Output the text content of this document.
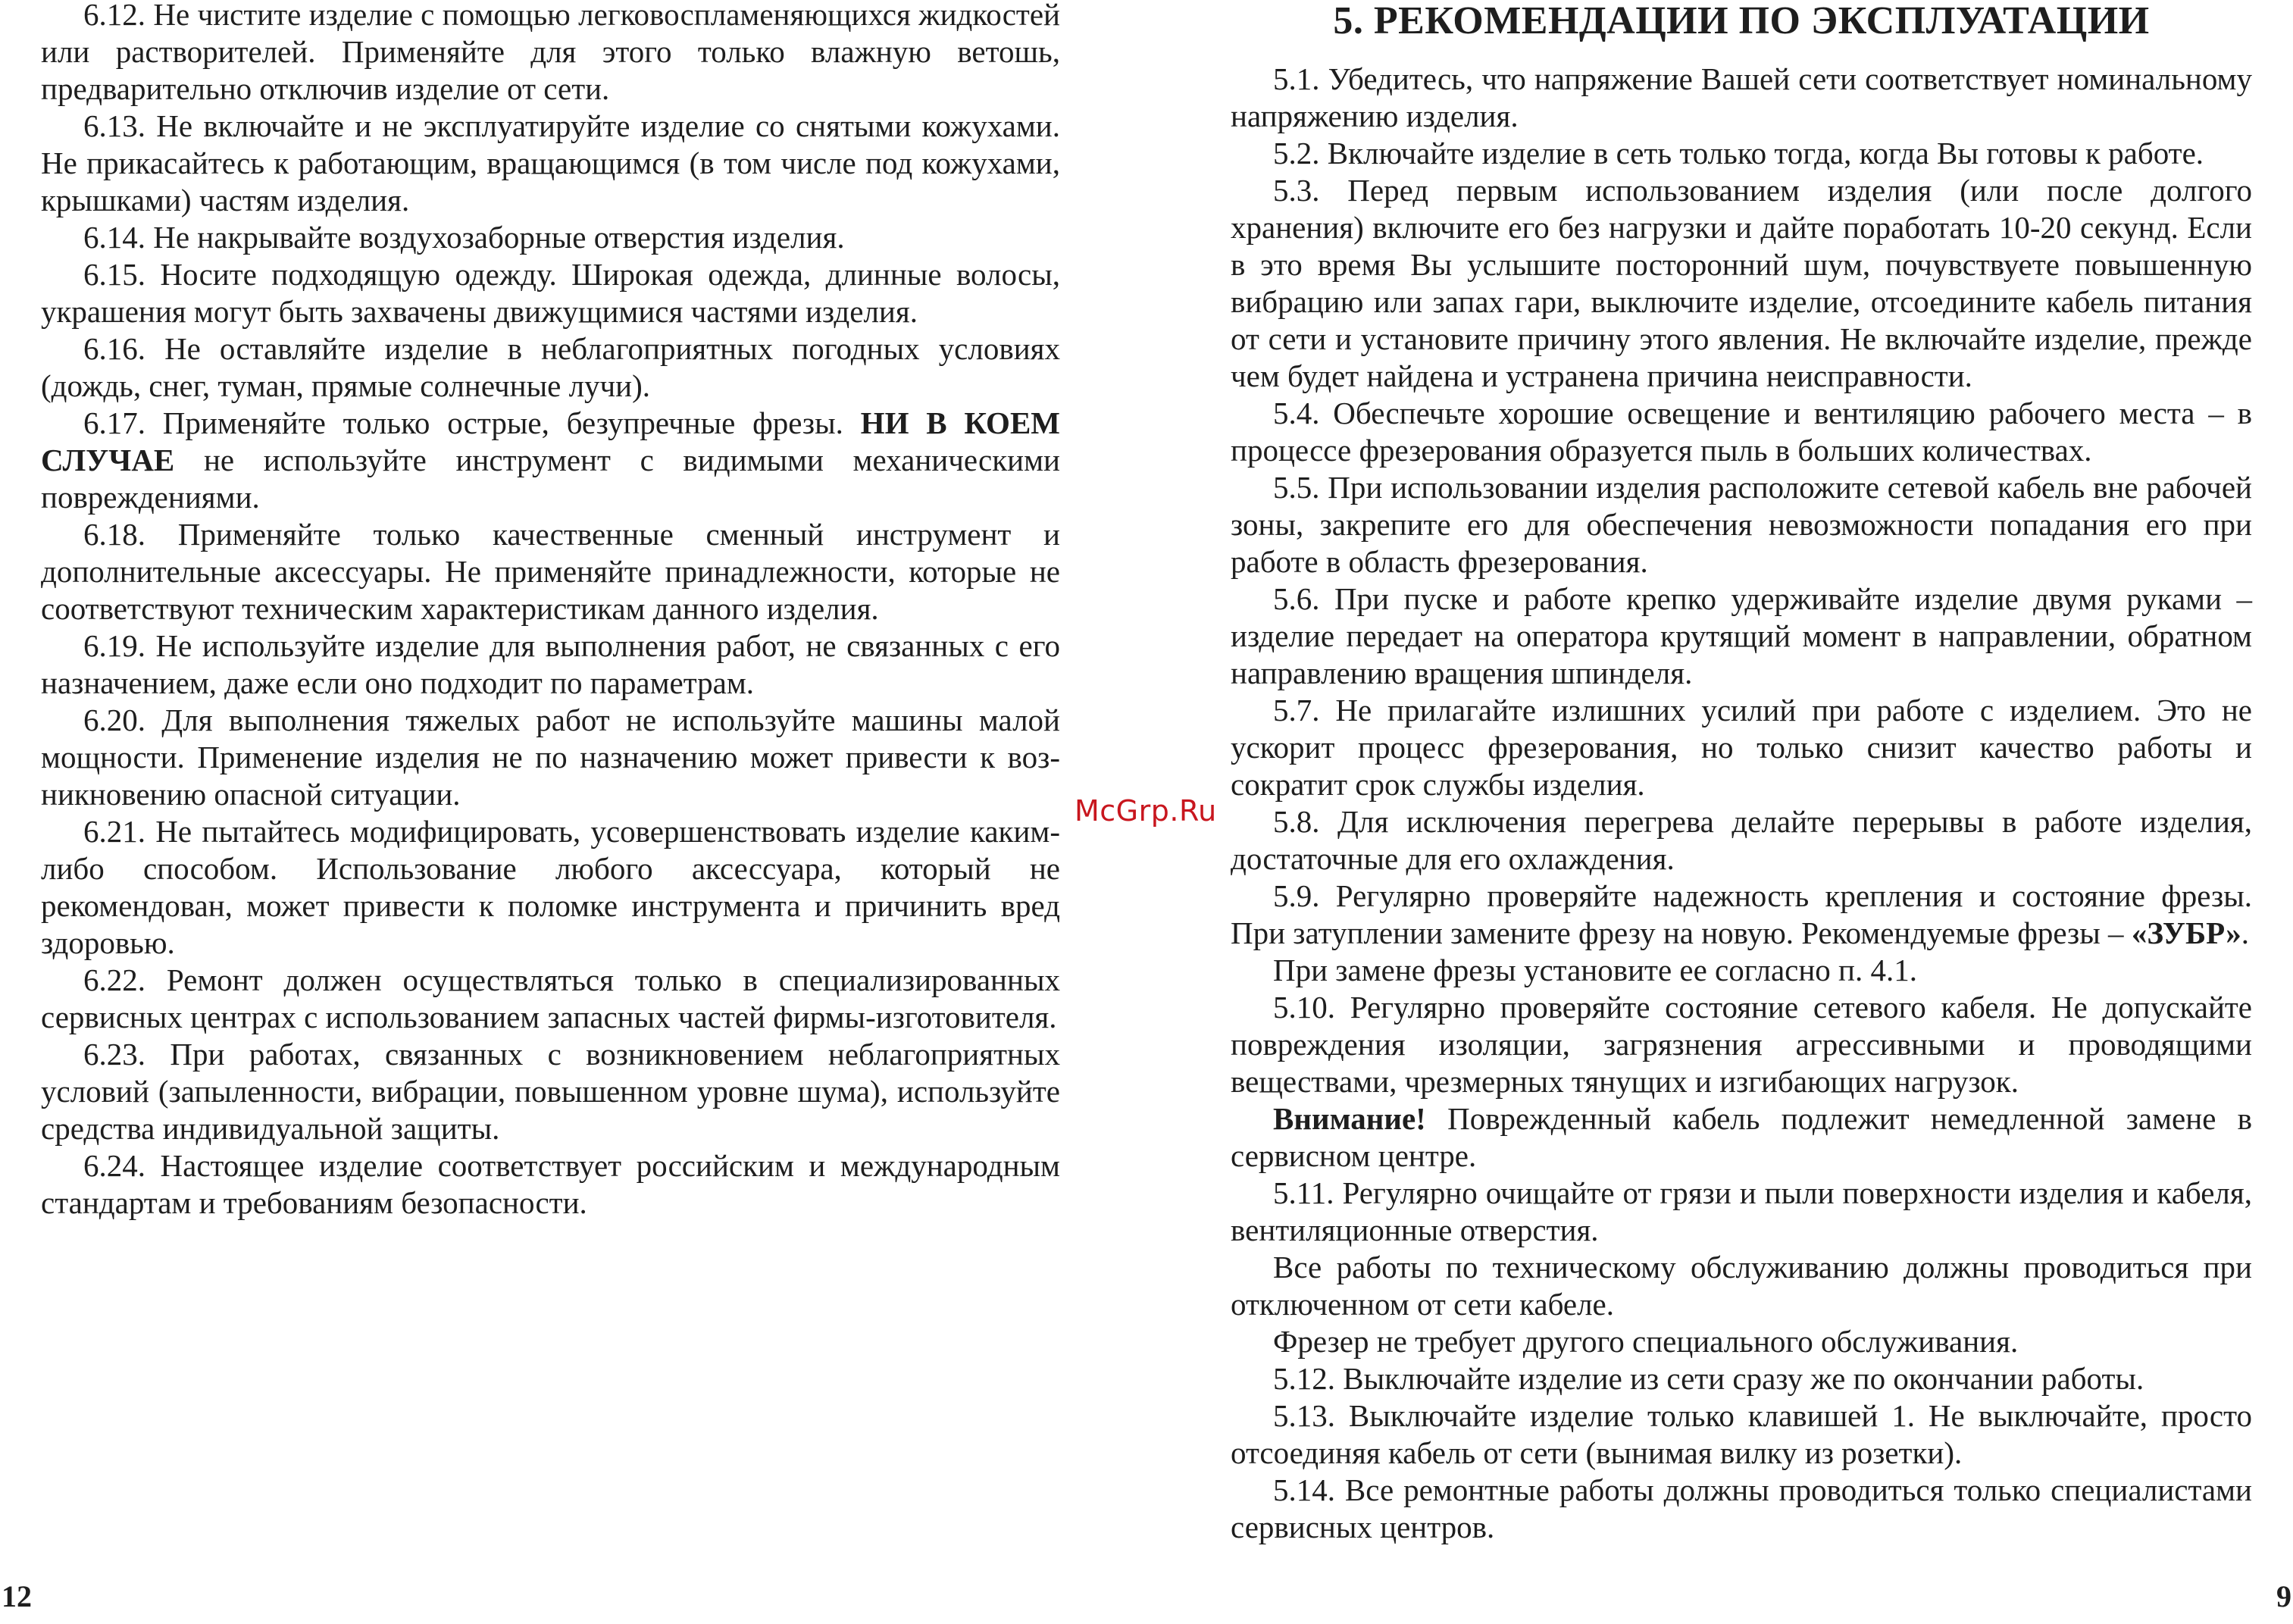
6.12. Не чистите изделие с помощью легковоспламеняющихся жидкостей или растворителей. Применяйте для этого только влажную ветошь, предварительно отключив изделие от сети.

6.13. Не включайте и не эксплуатируйте изделие со снятыми кожухами. Не прикасайтесь к работающим, вращающимся (в том числе под кожухами, крышками) частям изделия.

6.14. Не накрывайте воздухозаборные отверстия изделия.

6.15. Носите подходящую одежду. Широкая одежда, длинные волосы, украшения могут быть захвачены движущимися частями изделия.

6.16. Не оставляйте изделие в неблагоприятных погодных условиях (дождь, снег, туман, прямые солнечные лучи).

6.17. Применяйте только острые, безупречные фрезы. НИ В КОЕМ СЛУЧАЕ не используйте инструмент с видимыми механическими повреждениями.

6.18. Применяйте только качественные сменный инструмент и дополнительные аксессуары. Не применяйте принадлежности, которые не соответствуют техническим характеристикам данного изделия.

6.19. Не используйте изделие для выполнения работ, не связанных с его назначением, даже если оно подходит по параметрам.

6.20. Для выполнения тяжелых работ не используйте машины малой мощности. Применение изделия не по назначению может привести к возникновению опасной ситуации.

6.21. Не пытайтесь модифицировать, усовершенствовать изделие каким-либо способом. Использование любого аксессуара, который не рекомендован, может привести к поломке инструмента и причинить вред здоровью.

6.22. Ремонт должен осуществляться только в специализированных сервисных центрах с использованием запасных частей фирмы-изготовителя.

6.23. При работах, связанных с возникновением неблагоприятных условий (запыленности, вибрации, повышенном уровне шума), используйте средства индивидуальной защиты.

6.24. Настоящее изделие соответствует российским и международным стандартам и требованиям безопасности.

5. РЕКОМЕНДАЦИИ ПО ЭКСПЛУАТАЦИИ

5.1. Убедитесь, что напряжение Вашей сети соответствует номинальному напряжению изделия.

5.2. Включайте изделие в сеть только тогда, когда Вы готовы к работе.

5.3. Перед первым использованием изделия (или после долгого хранения) включите его без нагрузки и дайте поработать 10-20 секунд. Если в это время Вы услышите посторонний шум, почувствуете повышенную вибрацию или запах гари, выключите изделие, отсоедините кабель питания от сети и установите причину этого явления. Не включайте изделие, прежде чем будет найдена и устранена причина неисправности.

5.4. Обеспечьте хорошие освещение и вентиляцию рабочего места – в процессе фрезерования образуется пыль в больших количествах.

5.5. При использовании изделия расположите сетевой кабель вне рабочей зоны, закрепите его для обеспечения невозможности попадания его при работе в область фрезерования.

5.6. При пуске и работе крепко удерживайте изделие двумя руками – изделие передает на оператора крутящий момент в направлении, обратном направлению вращения шпинделя.

5.7. Не прилагайте излишних усилий при работе с изделием. Это не ускорит процесс фрезерования, но только снизит качество работы и сократит срок службы изделия.

5.8. Для исключения перегрева делайте перерывы в работе изделия, достаточные для его охлаждения.

5.9. Регулярно проверяйте надежность крепления и состояние фрезы. При затуплении замените фрезу на новую. Рекомендуемые фрезы – «ЗУБР».

При замене фрезы установите ее согласно п. 4.1.

5.10. Регулярно проверяйте состояние сетевого кабеля. Не допускайте повреждения изоляции, загрязнения агрессивными и проводящими веществами, чрезмерных тянущих и изгибающих нагрузок.

Внимание! Поврежденный кабель подлежит немедленной замене в сервисном центре.

5.11. Регулярно очищайте от грязи и пыли поверхности изделия и кабеля, вентиляционные отверстия.

Все работы по техническому обслуживанию должны проводиться при отключенном от сети кабеле.

Фрезер не требует другого специального обслуживания.

5.12. Выключайте изделие из сети сразу же по окончании работы.

5.13. Выключайте изделие только клавишей 1. Не выключайте, просто отсоединяя кабель от сети (вынимая вилку из розетки).

5.14. Все ремонтные работы должны проводиться только специалистами сервисных центров.

McGrp.Ru
12	9
